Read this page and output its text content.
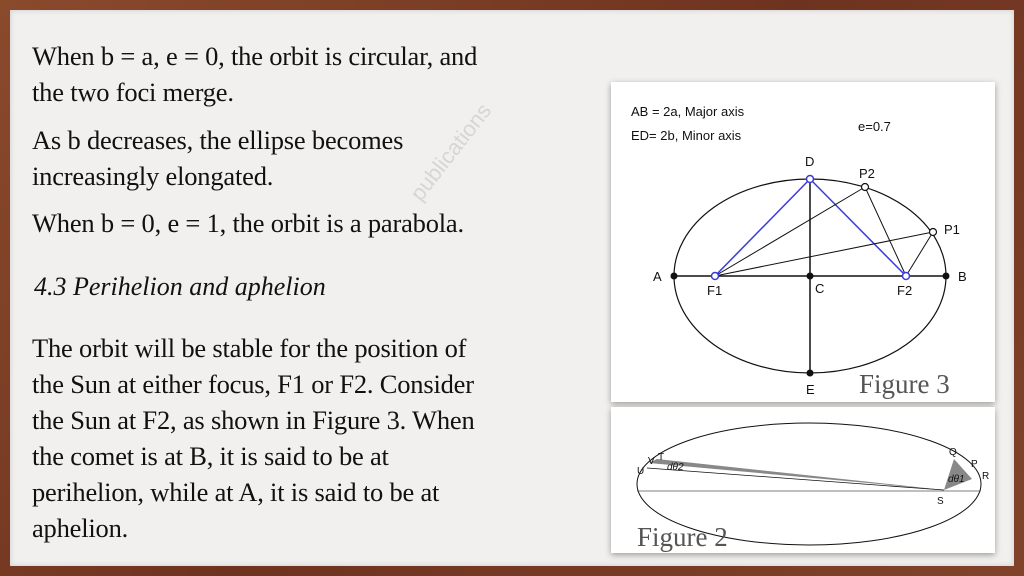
When b = a, e = 0, the orbit is circular, and
the two foci merge.
As b decreases, the ellipse becomes
increasingly elongated.
When b = 0, e = 1, the orbit is a parabola.
publications
4.3 Perihelion and aphelion
The orbit will be stable for the position of
the Sun at either focus, F1 or F2. Consider
the Sun at F2, as shown in Figure 3. When
the comet is at B, it is said to be at
perihelion, while at A, it is said to be at
aphelion.
AB = 2a, Major axis
ED= 2b, Minor axis
e=0.7
A	B
C
D
E
F1	F2
P2
P1
Figure 3
U
V T
dθ2
Q
P
R
dθ1
S
Figure 2
